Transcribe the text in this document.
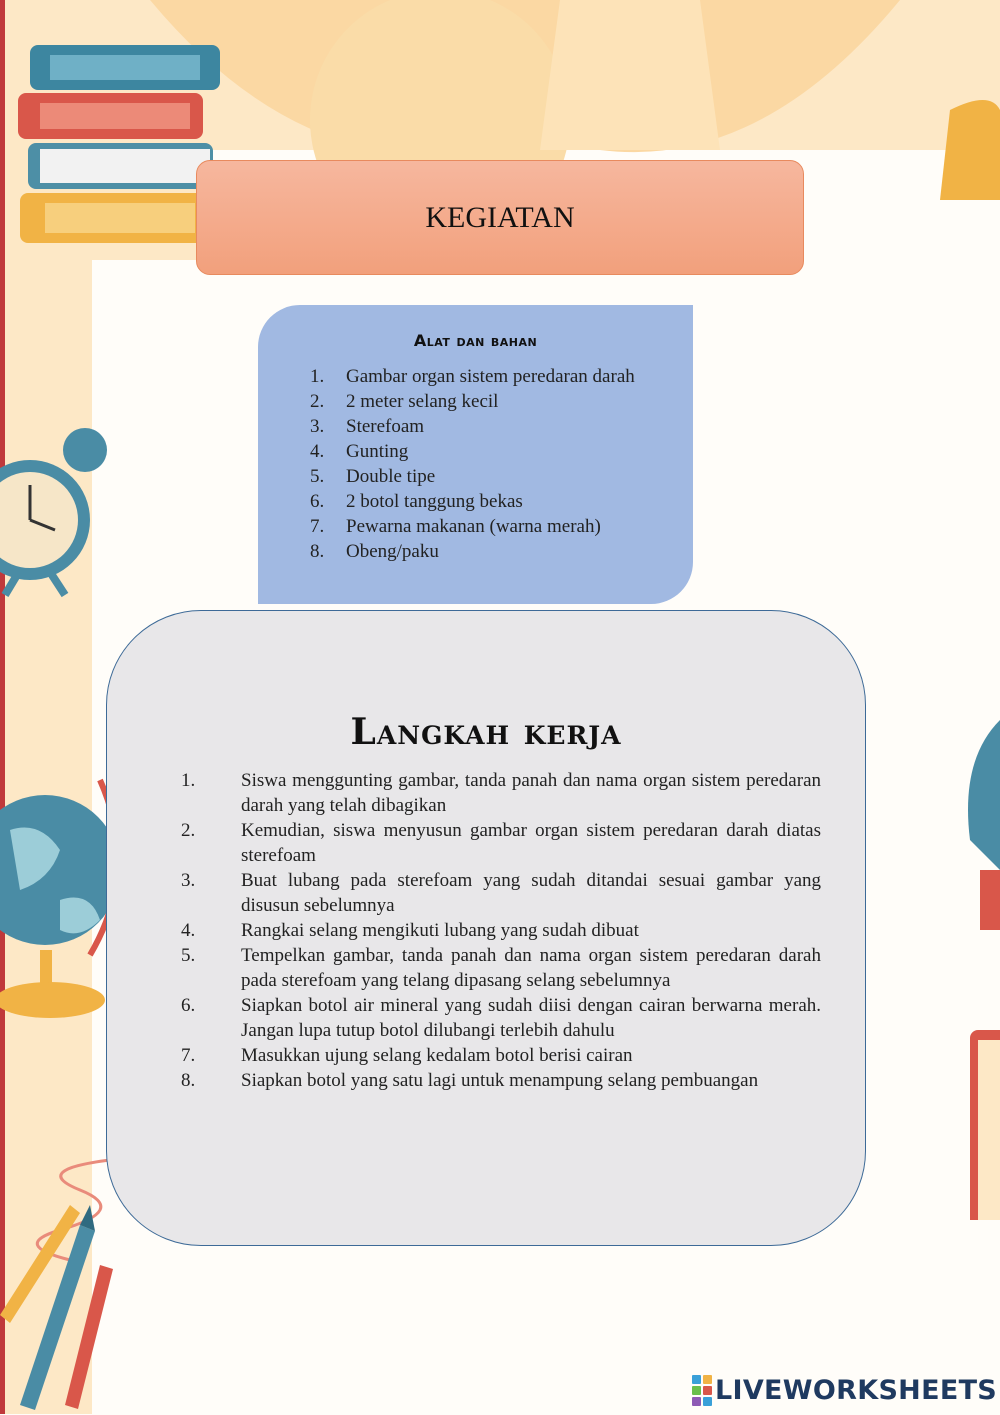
KEGIATAN
Alat dan bahan
1.	Gambar organ sistem peredaran darah
2.	2 meter selang kecil
3.	Sterefoam
4.	Gunting
5.	Double tipe
6.	2 botol tanggung bekas
7.	Pewarna makanan (warna merah)
8.	Obeng/paku
Langkah kerja
1.	Siswa menggunting gambar, tanda panah dan nama organ sistem peredaran darah yang telah dibagikan
2.	Kemudian, siswa menyusun gambar organ sistem peredaran darah diatas sterefoam
3.	Buat lubang pada sterefoam yang sudah ditandai sesuai gambar yang disusun sebelumnya
4.	Rangkai selang mengikuti lubang yang sudah dibuat
5.	Tempelkan gambar, tanda panah dan nama organ sistem peredaran darah pada sterefoam yang telang dipasang selang sebelumnya
6.	Siapkan botol air mineral yang sudah diisi dengan cairan berwarna merah. Jangan lupa tutup botol dilubangi terlebih dahulu
7.	Masukkan ujung selang kedalam botol berisi cairan
8.	Siapkan botol yang satu lagi untuk menampung selang pembuangan
LIVEWORKSHEETS
